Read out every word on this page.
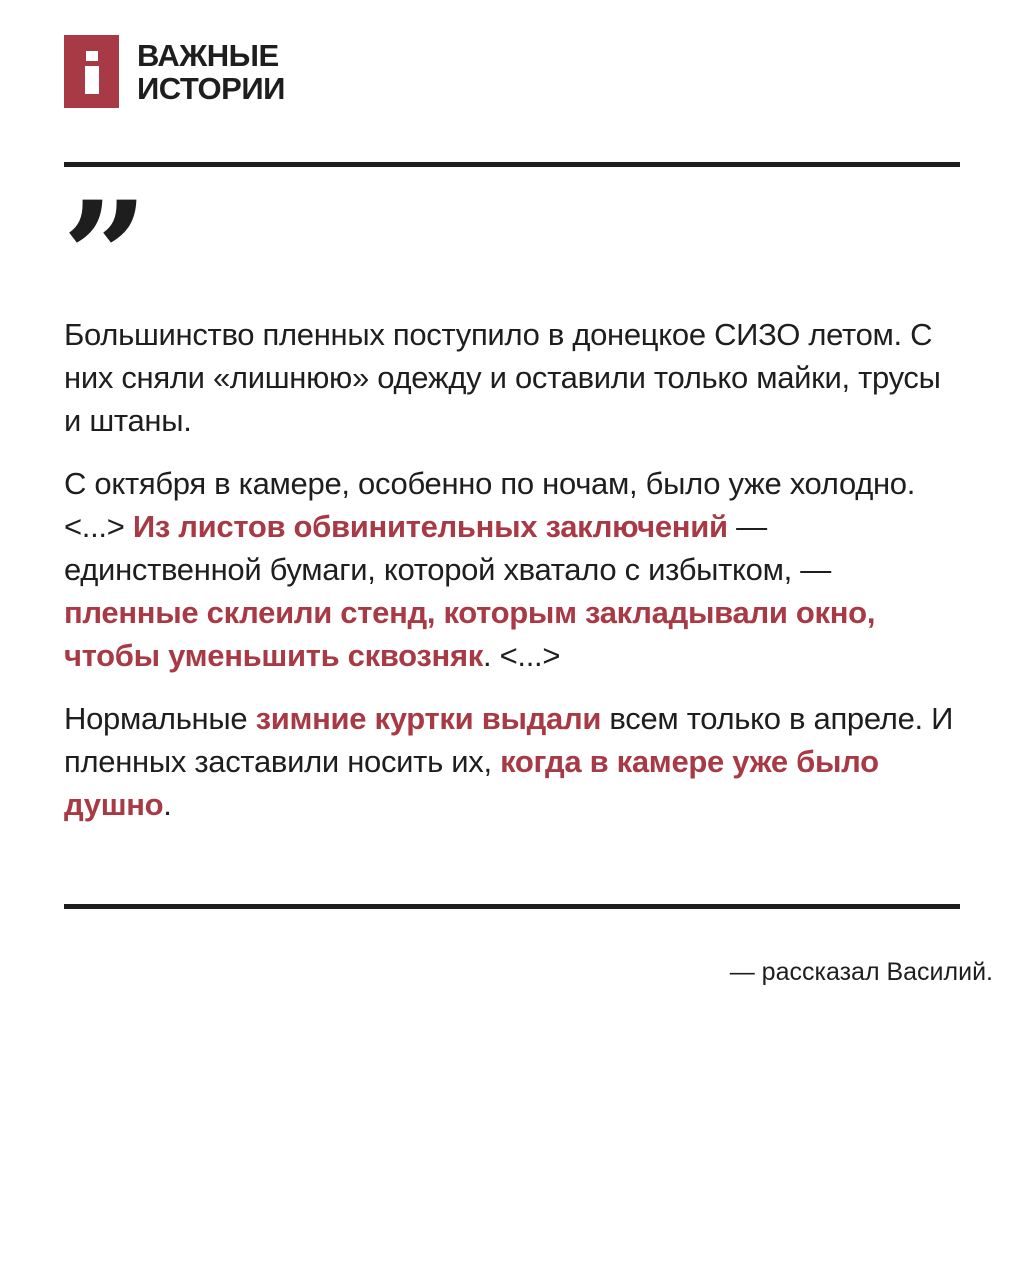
ВАЖНЫЕ
ИСТОРИИ
”

Большинство пленных поступило в донецкое СИЗО летом. С них сняли «лишнюю» одежду и оставили только майки, трусы и штаны.

С октября в камере, особенно по ночам, было уже холодно. <...> Из листов обвинительных заключений — единственной бумаги, которой хватало с избытком, — пленные склеили стенд, которым закладывали окно, чтобы уменьшить сквозняк. <...>

Нормальные зимние куртки выдали всем только в апреле. И пленных заставили носить их, когда в камере уже было душно.

— рассказал Василий.
